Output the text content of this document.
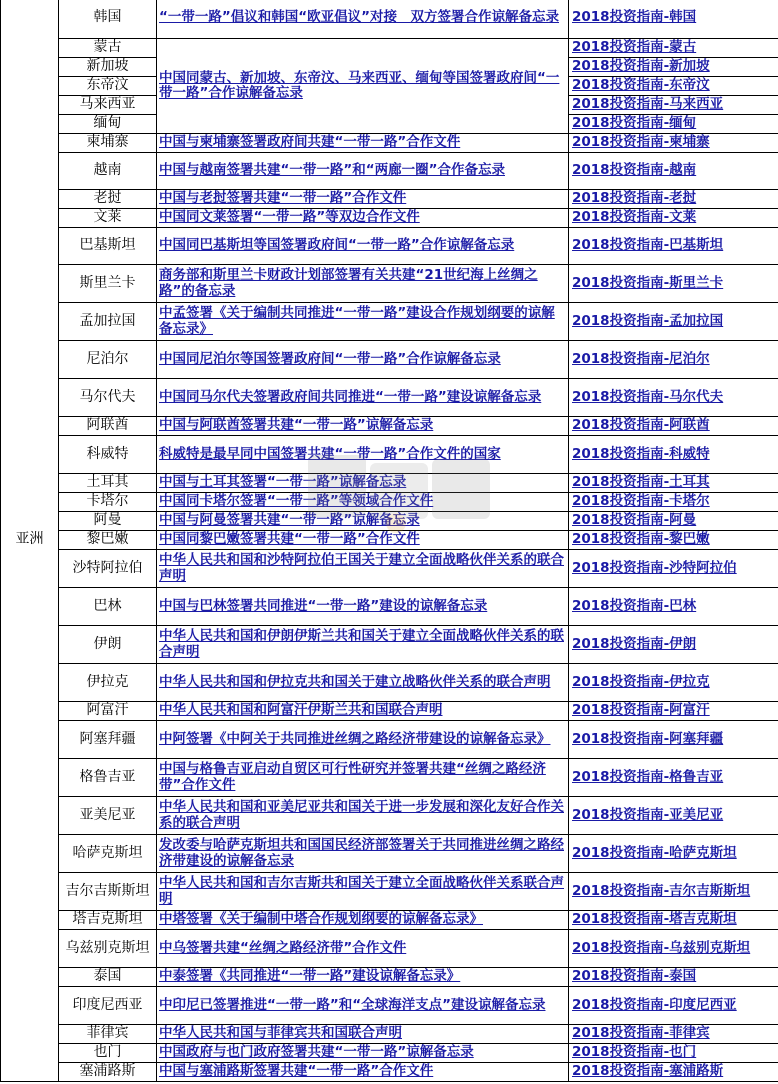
亚洲	韩国	“一带一路”倡议和韩国“欧亚倡议”对接　双方签署合作谅解备忘录	2018投资指南-韩国
	蒙古	中国同蒙古、新加坡、东帝汶、马来西亚、缅甸等国签署政府间“一带一路”合作谅解备忘录	2018投资指南-蒙古
	新加坡		2018投资指南-新加坡
	东帝汶		2018投资指南-东帝汶
	马来西亚		2018投资指南-马来西亚
	缅甸		2018投资指南-缅甸
	柬埔寨	中国与柬埔寨签署政府间共建“一带一路”合作文件	2018投资指南-柬埔寨
	越南	中国与越南签署共建“一带一路”和“两廊一圈”合作备忘录	2018投资指南-越南
	老挝	中国与老挝签署共建“一带一路”合作文件	2018投资指南-老挝
	文莱	中国同文莱签署“一带一路”等双边合作文件	2018投资指南-文莱
	巴基斯坦	中国同巴基斯坦等国签署政府间“一带一路”合作谅解备忘录	2018投资指南-巴基斯坦
	斯里兰卡	商务部和斯里兰卡财政计划部签署有关共建“21世纪海上丝绸之路”的备忘录	2018投资指南-斯里兰卡
	孟加拉国	中孟签署《关于编制共同推进“一带一路”建设合作规划纲要的谅解备忘录》	2018投资指南-孟加拉国
	尼泊尔	中国同尼泊尔等国签署政府间“一带一路”合作谅解备忘录	2018投资指南-尼泊尔
	马尔代夫	中国同马尔代夫签署政府间共同推进“一带一路”建设谅解备忘录	2018投资指南-马尔代夫
	阿联酋	中国与阿联酋签署共建“一带一路”谅解备忘录	2018投资指南-阿联酋
	科威特	科威特是最早同中国签署共建“一带一路”合作文件的国家	2018投资指南-科威特
	土耳其	中国与土耳其签署“一带一路”谅解备忘录	2018投资指南-土耳其
	卡塔尔	中国同卡塔尔签署“一带一路”等领域合作文件	2018投资指南-卡塔尔
	阿曼	中国与阿曼签署共建“一带一路”谅解备忘录	2018投资指南-阿曼
	黎巴嫩	中国同黎巴嫩签署共建“一带一路”合作文件	2018投资指南-黎巴嫩
	沙特阿拉伯	中华人民共和国和沙特阿拉伯王国关于建立全面战略伙伴关系的联合声明	2018投资指南-沙特阿拉伯
	巴林	中国与巴林签署共同推进“一带一路”建设的谅解备忘录	2018投资指南-巴林
	伊朗	中华人民共和国和伊朗伊斯兰共和国关于建立全面战略伙伴关系的联合声明	2018投资指南-伊朗
	伊拉克	中华人民共和国和伊拉克共和国关于建立战略伙伴关系的联合声明	2018投资指南-伊拉克
	阿富汗	中华人民共和国和阿富汗伊斯兰共和国联合声明	2018投资指南-阿富汗
	阿塞拜疆	中阿签署《中阿关于共同推进丝绸之路经济带建设的谅解备忘录》	2018投资指南-阿塞拜疆
	格鲁吉亚	中国与格鲁吉亚启动自贸区可行性研究并签署共建“丝绸之路经济带”合作文件	2018投资指南-格鲁吉亚
	亚美尼亚	中华人民共和国和亚美尼亚共和国关于进一步发展和深化友好合作关系的联合声明	2018投资指南-亚美尼亚
	哈萨克斯坦	发改委与哈萨克斯坦共和国国民经济部签署关于共同推进丝绸之路经济带建设的谅解备忘录	2018投资指南-哈萨克斯坦
	吉尔吉斯斯坦	中华人民共和国和吉尔吉斯共和国关于建立全面战略伙伴关系联合声明	2018投资指南-吉尔吉斯斯坦
	塔吉克斯坦	中塔签署《关于编制中塔合作规划纲要的谅解备忘录》	2018投资指南-塔吉克斯坦
	乌兹别克斯坦	中乌签署共建“丝绸之路经济带”合作文件	2018投资指南-乌兹别克斯坦
	泰国	中泰签署《共同推进“一带一路”建设谅解备忘录》	2018投资指南-泰国
	印度尼西亚	中印尼已签署推进“一带一路”和“全球海洋支点”建设谅解备忘录	2018投资指南-印度尼西亚
	菲律宾	中华人民共和国与菲律宾共和国联合声明	2018投资指南-菲律宾
	也门	中国政府与也门政府签署共建“一带一路”谅解备忘录	2018投资指南-也门
	塞浦路斯	中国与塞浦路斯签署共建“一带一路”合作文件	2018投资指南-塞浦路斯
